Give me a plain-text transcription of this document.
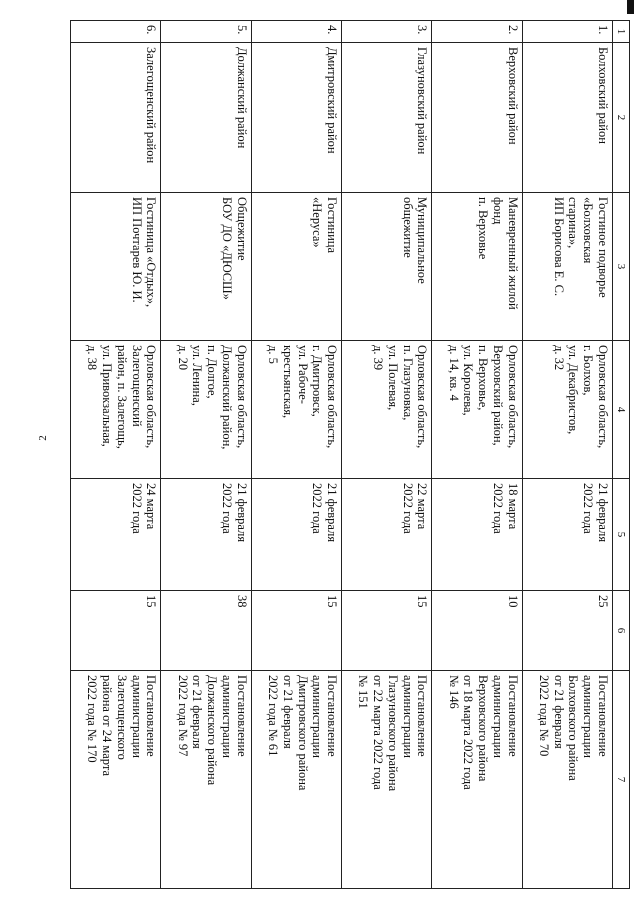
2
1	2	3	4	5	6	7
1.	Болховский район	Гостиное подворье
«Болховская
старина»,
ИП Борисова Е. С.	Орловская область,
г. Болхов,
ул. Декабристов,
д. 32	21 февраля
2022 года	25	Постановление
администрации
Болховского района
от 21 февраля
2022 года № 70

2.	Верховский район	Маневренный жилой
фонд
п. Верховье	Орловская область,
Верховский район,
п. Верховье,
ул. Королева,
д. 14, кв. 4	18 марта
2022 года	10	Постановление
администрации
Верховского района
от 18 марта 2022 года
№ 146

3.	Глазуновский район	Муниципальное
общежитие	Орловская область,
п. Глазуновка,
ул. Полевая,
д. 39	22 марта
2022 года	15	Постановление
администрации
Глазуновского района
от 22 марта 2022 года
№ 151

4.	Дмитровский район	Гостиница
«Неруса»	Орловская область,
г. Дмитровск,
ул. Рабоче-
крестьянская,
д. 5	21 февраля
2022 года	15	Постановление
администрации
Дмитровского района
от 21 февраля
2022 года № 61

5.	Должанский район	Общежитие
БОУ ДО «ДЮСШ»	Орловская область,
Должанский район,
п. Долгое,
ул. Ленина,
д. 20	21 февраля
2022 года	38	Постановление
администрации
Должанского района
от 21 февраля
2022 года № 97

6.	Залегощенский район	Гостиница «Отдых»,
ИП Почтарев Ю. И.	Орловская область,
Залегощенский
район, п. Залегощь,
ул. Привокзальная,
д. 38	24 марта
2022 года	15	Постановление
администрации
Залегощенского
района от 24 марта
2022 года № 170
